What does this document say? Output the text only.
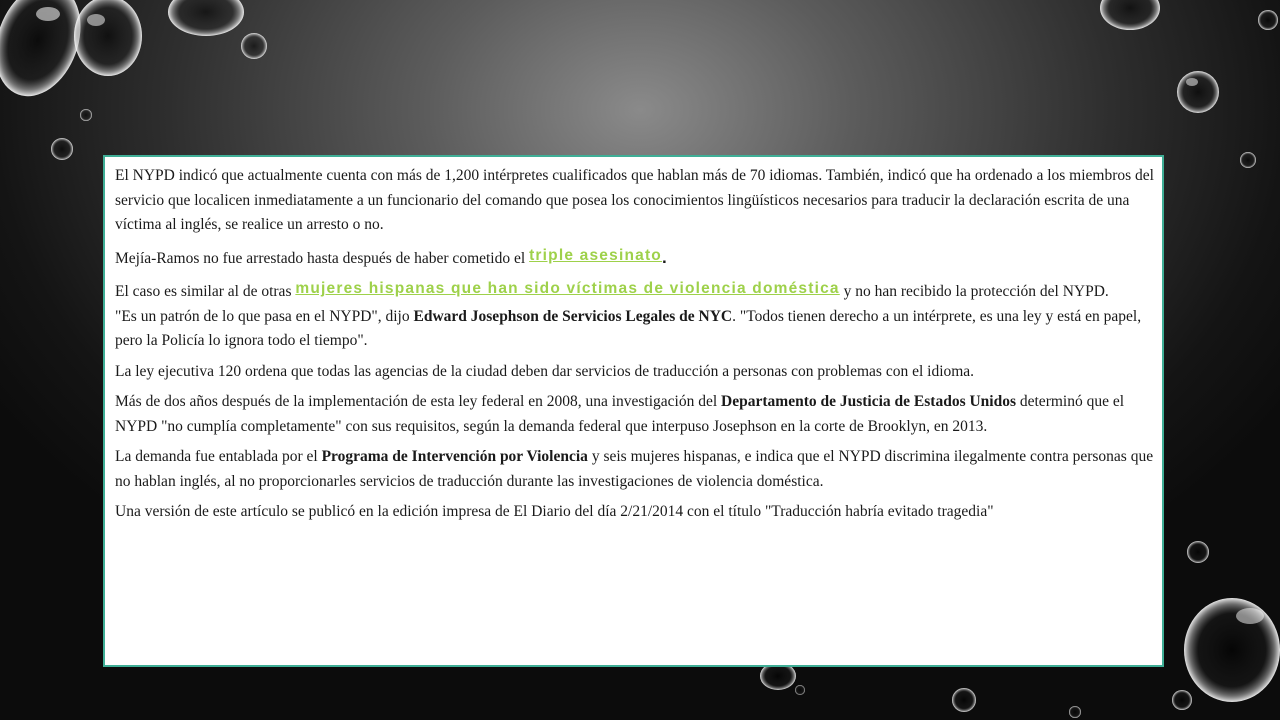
El NYPD indicó que actualmente cuenta con más de 1,200 intérpretes cualificados que hablan más de 70 idiomas. También, indicó que ha ordenado a los miembros del servicio que localicen inmediatamente a un funcionario del comando que posea los conocimientos lingüísticos necesarios para traducir la declaración escrita de una víctima al inglés, se realice un arresto o no.

Mejía-Ramos no fue arrestado hasta después de haber cometido el triple asesinato.

El caso es similar al de otras mujeres hispanas que han sido víctimas de violencia doméstica y no han recibido la protección del NYPD.
"Es un patrón de lo que pasa en el NYPD", dijo Edward Josephson de Servicios Legales de NYC. "Todos tienen derecho a un intérprete, es una ley y está en papel, pero la Policía lo ignora todo el tiempo".

La ley ejecutiva 120 ordena que todas las agencias de la ciudad deben dar servicios de traducción a personas con problemas con el idioma.

Más de dos años después de la implementación de esta ley federal en 2008, una investigación del Departamento de Justicia de Estados Unidos determinó que el NYPD "no cumplía completamente" con sus requisitos, según la demanda federal que interpuso Josephson en la corte de Brooklyn, en 2013.

La demanda fue entablada por el Programa de Intervención por Violencia y seis mujeres hispanas, e indica que el NYPD discrimina ilegalmente contra personas que no hablan inglés, al no proporcionarles servicios de traducción durante las investigaciones de violencia doméstica.

Una versión de este artículo se publicó en la edición impresa de El Diario del día 2/21/2014 con el título "Traducción habría evitado tragedia"
